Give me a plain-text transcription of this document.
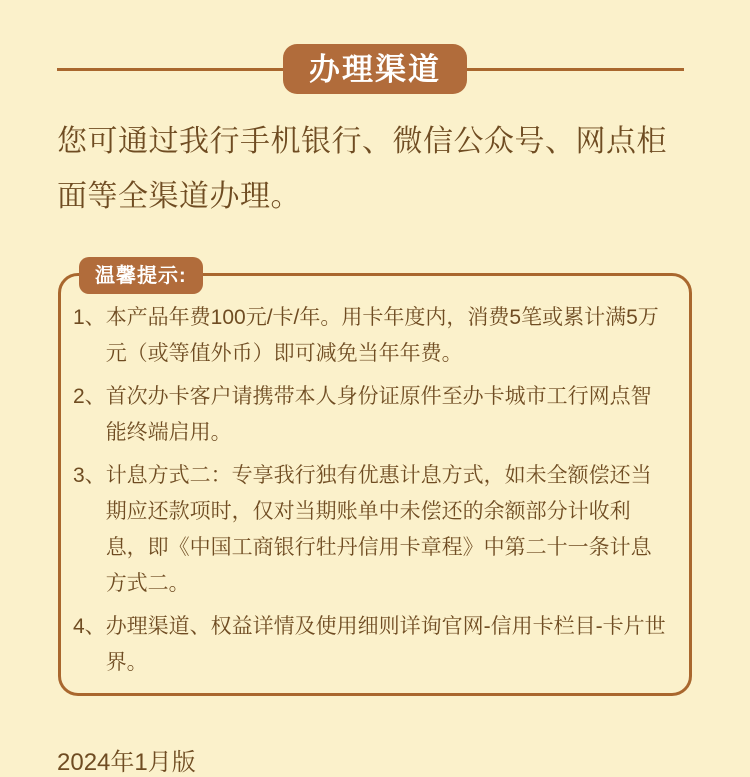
办理渠道
您可通过我行手机银行、微信公众号、网点柜面等全渠道办理。
温馨提示:
1、 本产品年费100元/卡/年。用卡年度内，消费5笔或累计满5万元（或等值外币）即可减免当年年费。
2、 首次办卡客户请携带本人身份证原件至办卡城市工行网点智能终端启用。
3、 计息方式二：专享我行独有优惠计息方式，如未全额偿还当期应还款项时，仅对当期账单中未偿还的余额部分计收利息，即《中国工商银行牡丹信用卡章程》中第二十一条计息方式二。
4、 办理渠道、权益详情及使用细则详询官网-信用卡栏目-卡片世界。
2024年1月版
